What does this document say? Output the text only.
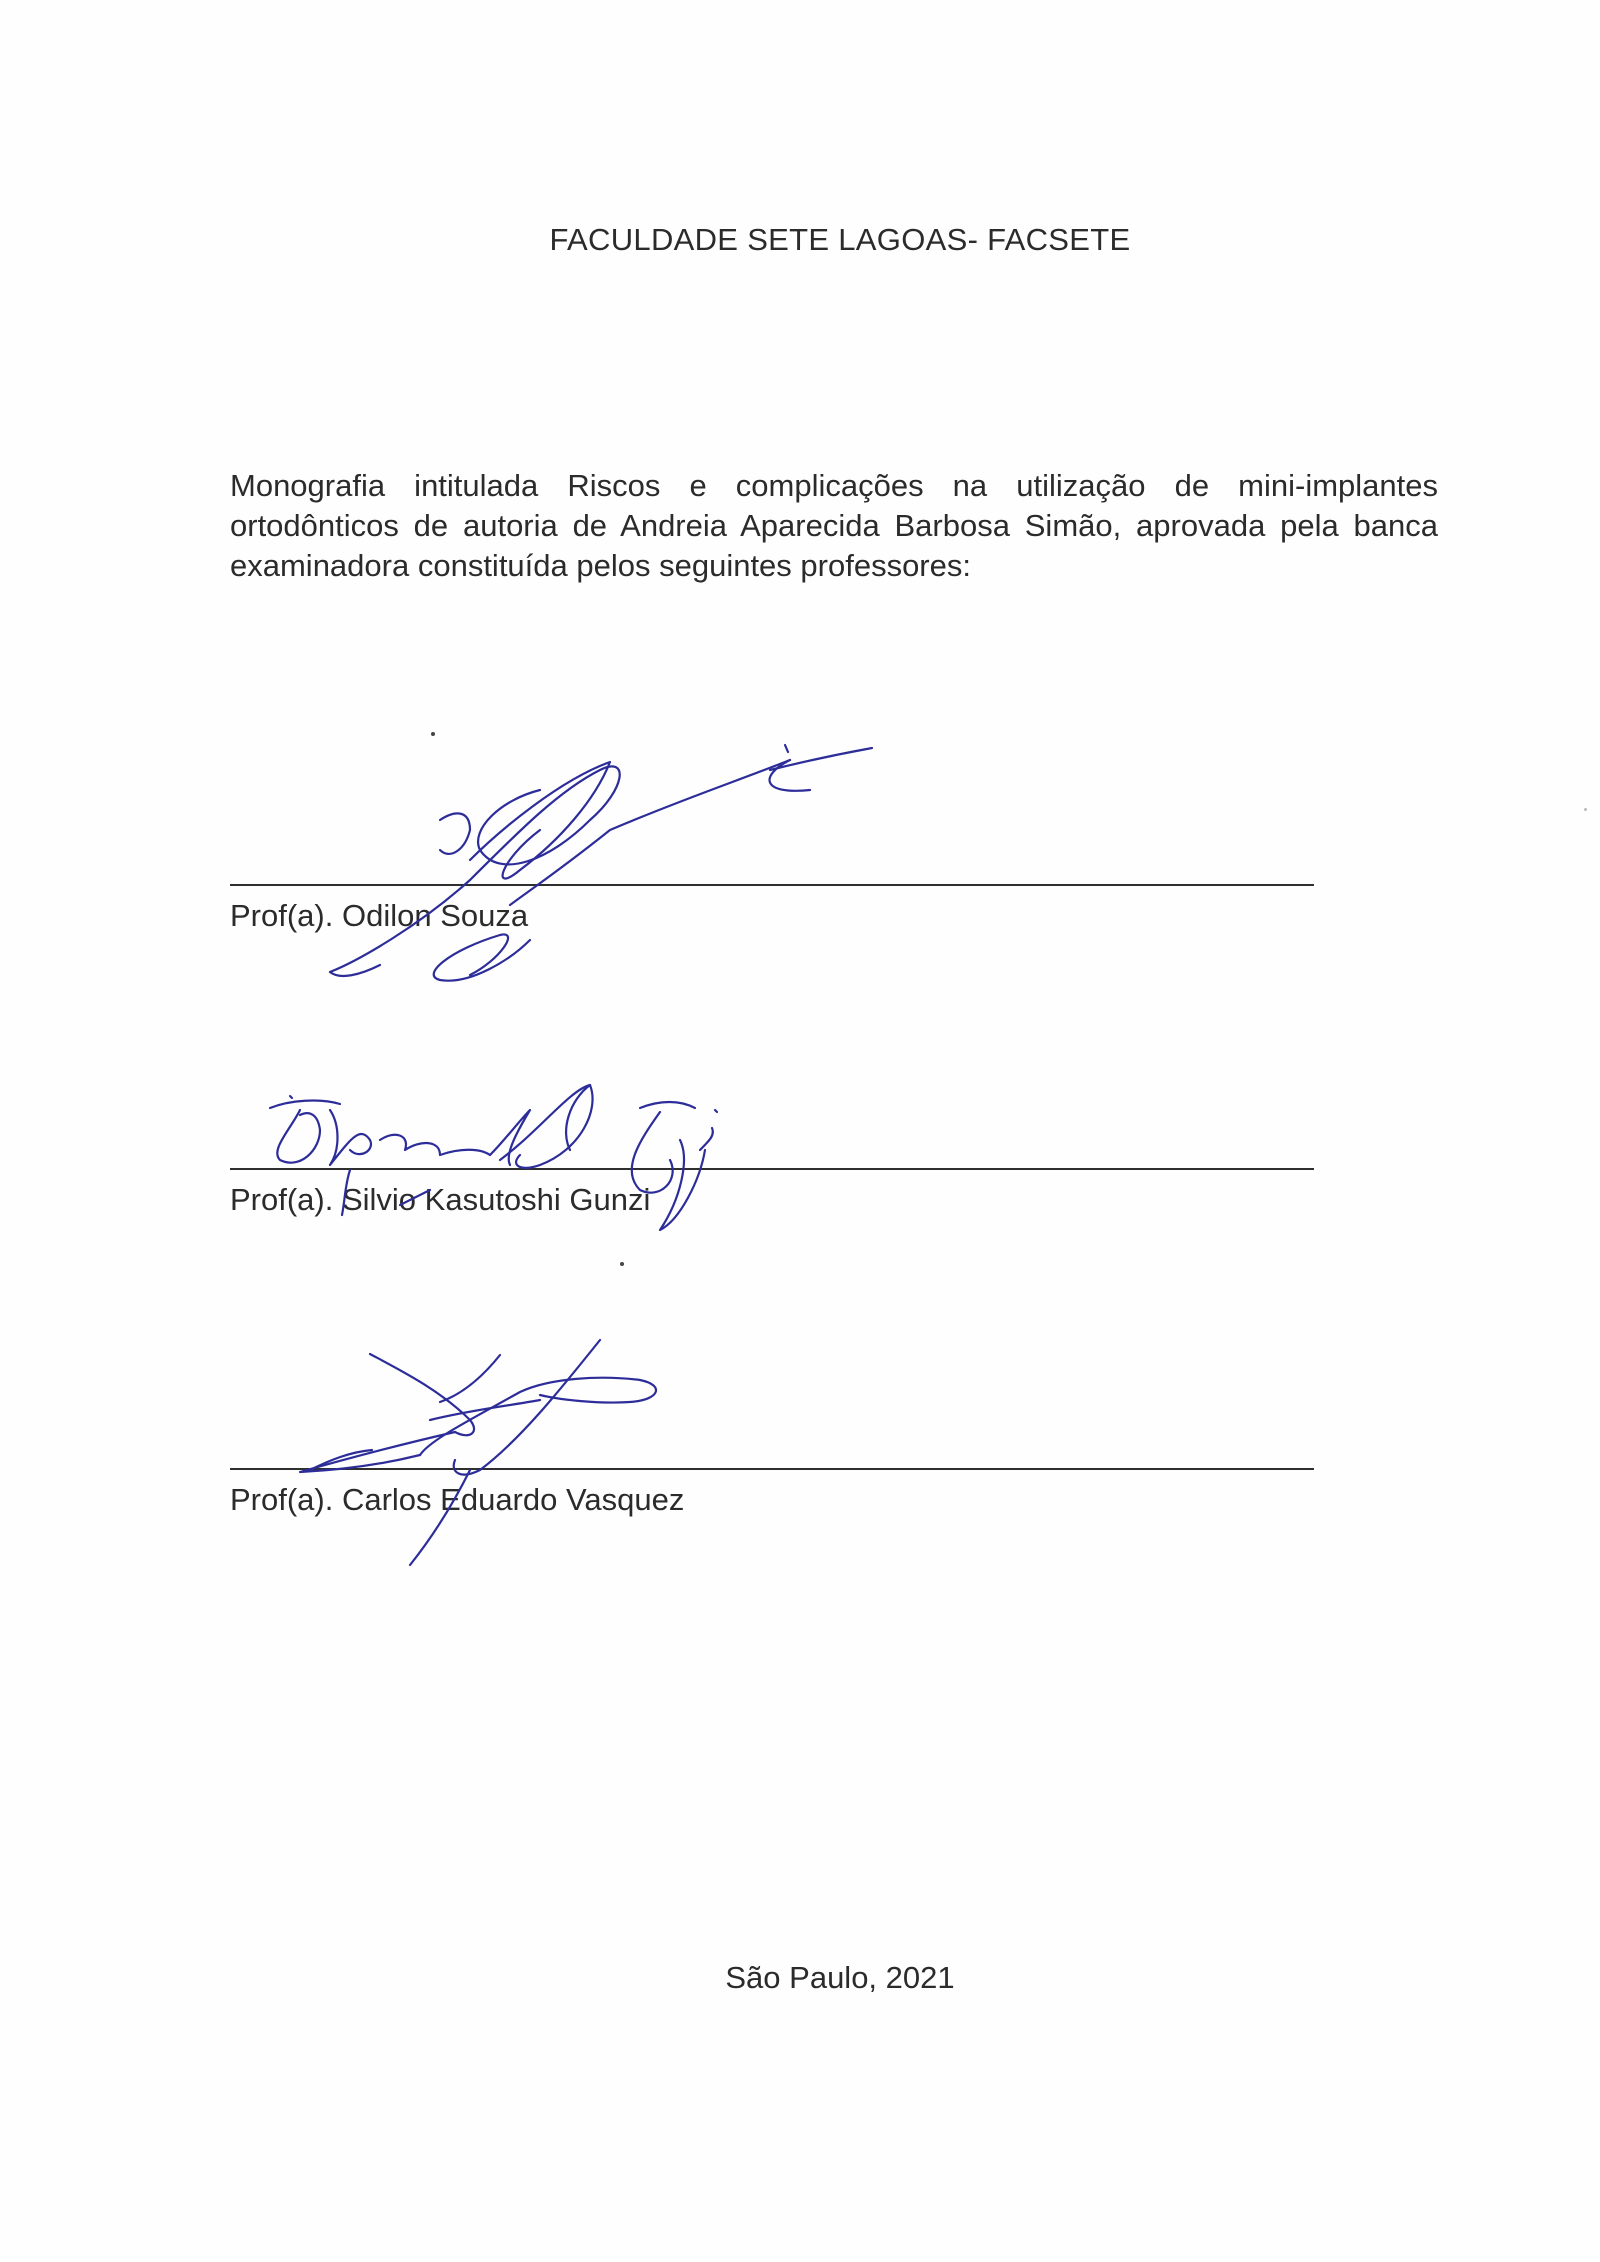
FACULDADE SETE LAGOAS- FACSETE
Monografia intitulada Riscos e complicações na utilização de mini-implantes ortodônticos de autoria de Andreia Aparecida Barbosa Simão, aprovada pela banca examinadora constituída pelos seguintes professores:
Prof(a). Odilon Souza
Prof(a). Silvio Kasutoshi Gunzi
Prof(a). Carlos Eduardo Vasquez
São Paulo, 2021
